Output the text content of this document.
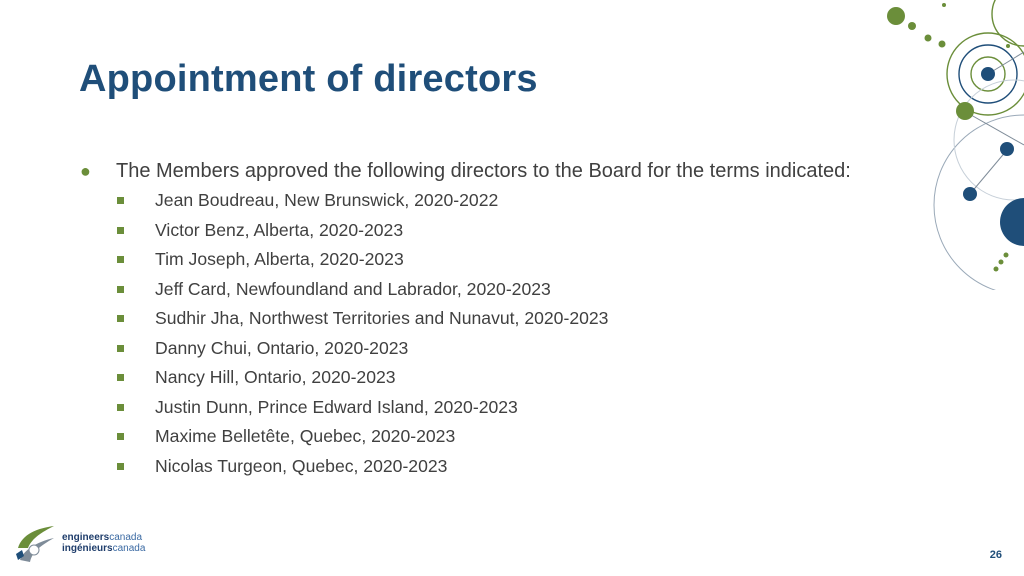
Appointment of directors
●	The Members approved the following directors to the Board for the terms indicated:
Jean Boudreau, New Brunswick, 2020-2022
Victor Benz, Alberta, 2020-2023
Tim Joseph, Alberta, 2020-2023
Jeff Card, Newfoundland and Labrador, 2020-2023
Sudhir Jha, Northwest Territories and Nunavut, 2020-2023
Danny Chui, Ontario, 2020-2023
Nancy Hill, Ontario, 2020-2023
Justin Dunn, Prince Edward Island, 2020-2023
Maxime Belletête, Quebec, 2020-2023
Nicolas Turgeon, Quebec, 2020-2023
engineerscanada
ingénieurscanada
26
